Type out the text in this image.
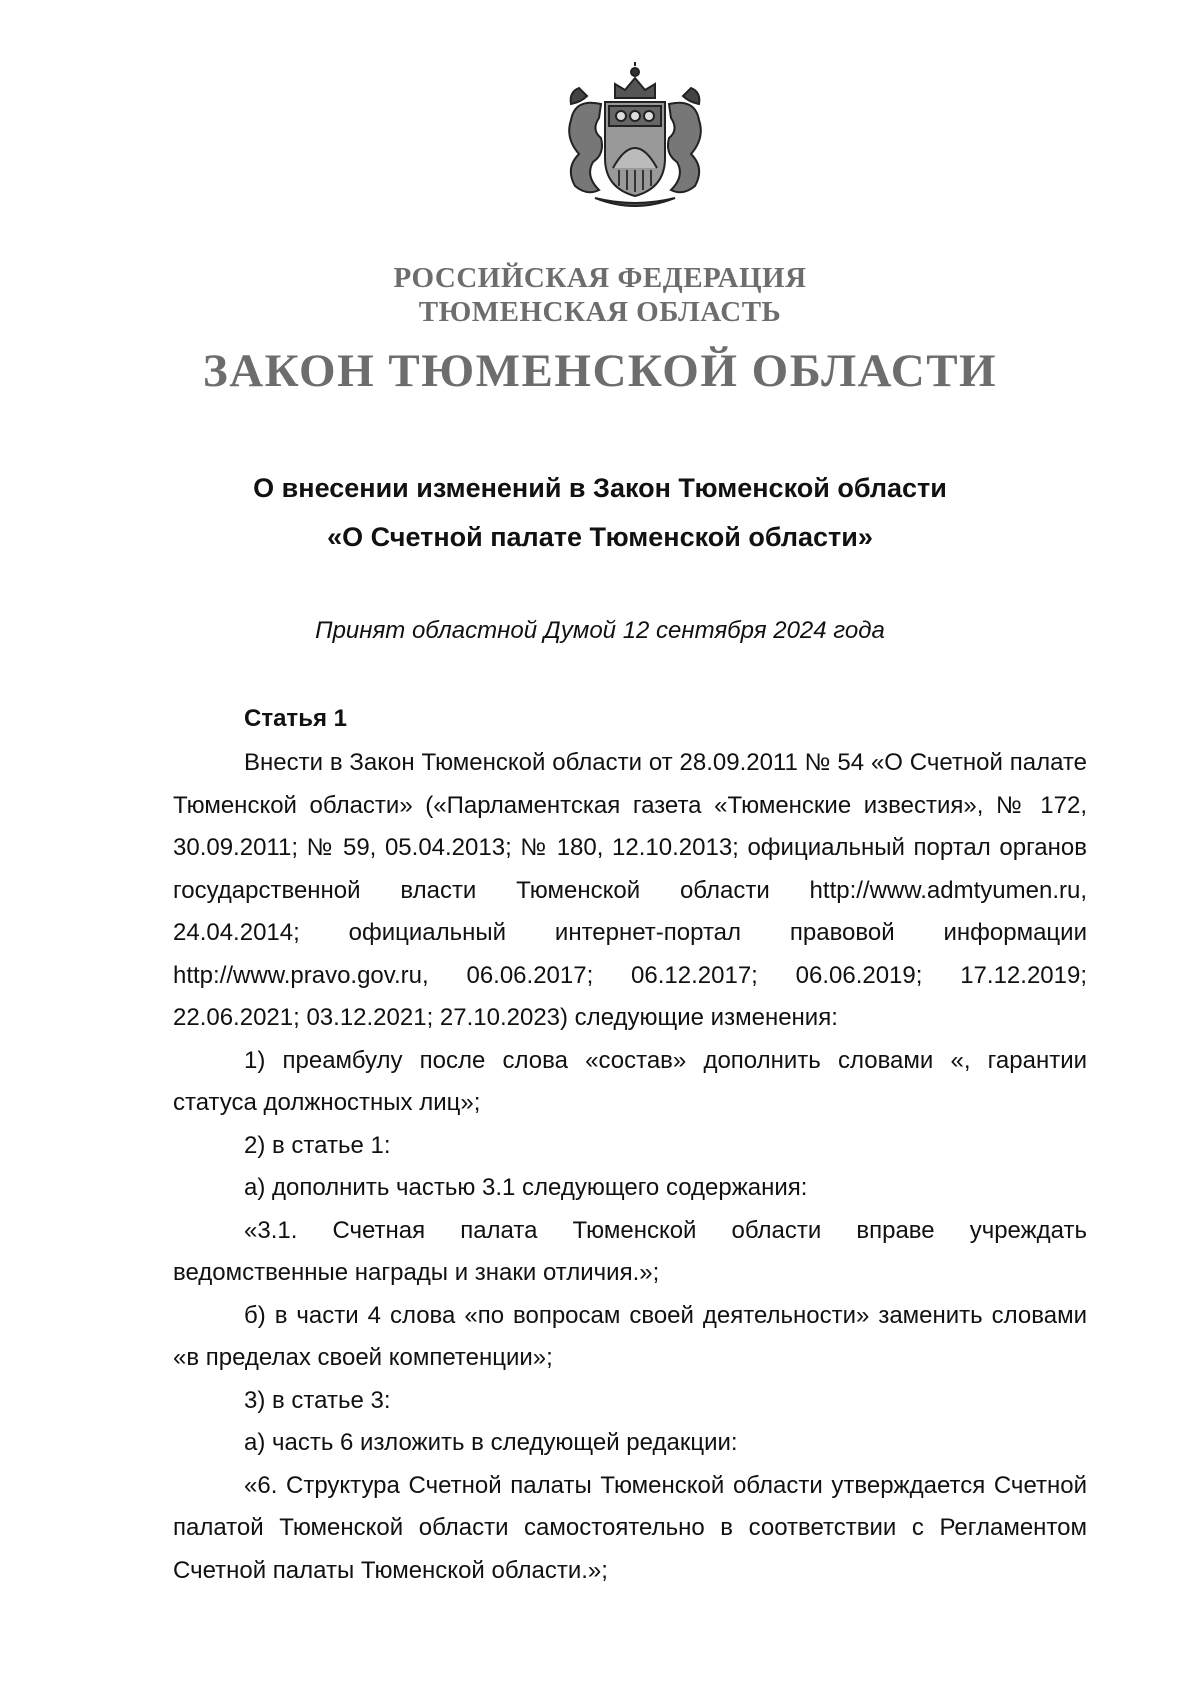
РОССИЙСКАЯ ФЕДЕРАЦИЯ

ТЮМЕНСКАЯ ОБЛАСТЬ

ЗАКОН ТЮМЕНСКОЙ ОБЛАСТИ

О внесении изменений в Закон Тюменской области

«О Счетной палате Тюменской области»

Принят областной Думой 12 сентября 2024 года

Статья 1

Внести в Закон Тюменской области от 28.09.2011 № 54 «О Счетной палате Тюменской области» («Парламентская газета «Тюменские известия», № 172, 30.09.2011; № 59, 05.04.2013; № 180, 12.10.2013; официальный портал органов государственной власти Тюменской области http://www.admtyumen.ru, 24.04.2014; официальный интернет-портал правовой информации http://www.pravo.gov.ru, 06.06.2017; 06.12.2017; 06.06.2019; 17.12.2019; 22.06.2021; 03.12.2021; 27.10.2023) следующие изменения:

1) преамбулу после слова «состав» дополнить словами «, гарантии статуса должностных лиц»;

2) в статье 1:

а) дополнить частью 3.1 следующего содержания:

«3.1. Счетная палата Тюменской области вправе учреждать ведомственные награды и знаки отличия.»;

б) в части 4 слова «по вопросам своей деятельности» заменить словами «в пределах своей компетенции»;

3) в статье 3:

а) часть 6 изложить в следующей редакции:

«6. Структура Счетной палаты Тюменской области утверждается Счетной палатой Тюменской области самостоятельно в соответствии с Регламентом Счетной палаты Тюменской области.»;
